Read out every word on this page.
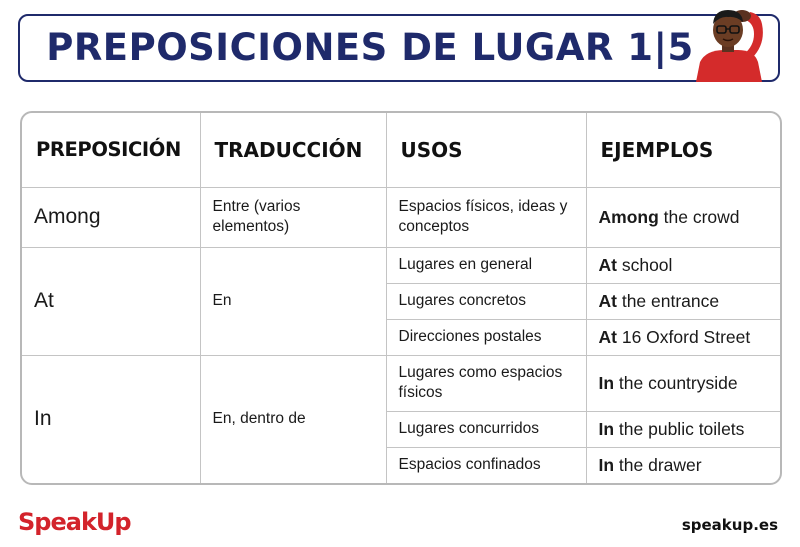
PREPOSICIONES DE LUGAR 1|5
PREPOSICIÓN	TRADUCCIÓN	USOS	EJEMPLOS
Among	Entre (varios elementos)	Espacios físicos, ideas y conceptos	Among the crowd
At	En	Lugares en general	At school
		Lugares concretos	At the entrance
		Direcciones postales	At 16 Oxford Street
In	En, dentro de	Lugares como espacios físicos	In the countryside
		Lugares concurridos	In the public toilets
		Espacios confinados	In the drawer
SpeakUp	speakup.es
